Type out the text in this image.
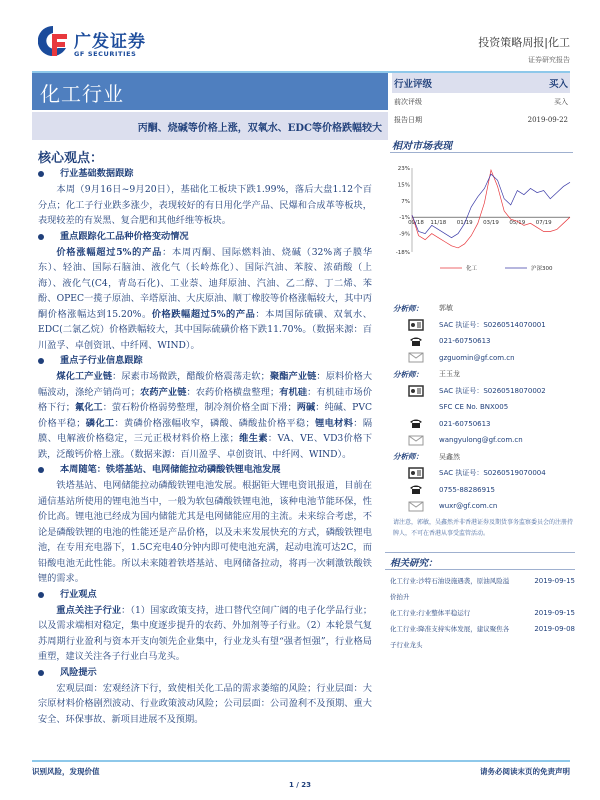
广发证券
GF SECURITIES
投资策略周报|化工
证券研究报告
化工行业
丙酮、烧碱等价格上涨，双氧水、EDC等价格跌幅较大
行业评级	买入
前次评级	买入
报告日期	2019-09-22
核心观点：
行业基础数据跟踪
本周（9月16日~9月20日），基础化工板块下跌1.99%，落后大盘1.12个百分点；化工子行业跌多涨少，表现较好的有日用化学产品、民爆和合成革等板块，表现较差的有炭黑、复合肥和其他纤维等板块。
重点跟踪化工品种价格变动情况
价格涨幅超过5%的产品：本周丙酮、国际燃料油、烧碱（32%离子膜华东）、轻油、国际石脑油、液化气（长岭炼化）、国际汽油、苯胺、浓硝酸（上海）、液化气(C4，青岛石化)、工业萘、迪拜原油、汽油、乙二醇、丁二烯、苯酚、OPEC一揽子原油、辛塔原油、大庆原油、顺丁橡胶等价格涨幅较大，其中丙酮价格涨幅达到15.20%。价格跌幅超过5%的产品：本周国际硫磺、双氧水、EDC(二氯乙烷）价格跌幅较大，其中国际硫磺价格下跌11.70%。（数据来源：百川盈孚、卓创资讯、中纤网、WIND）。
重点子行业信息跟踪
煤化工产业链：尿素市场微跌，醋酸价格震荡走软；聚酯产业链：原料价格大幅波动，涤纶产销尚可；农药产业链：农药价格横盘整理；有机硅：有机硅市场价格下行；氟化工：萤石粉价格弱势整理，制冷剂价格全面下滑；两碱：纯碱、PVC价格平稳；磷化工：黄磷价格涨幅收窄，磷酸、磷酸盐价格平稳；锂电材料：隔膜、电解液价格稳定，三元正极材料价格上涨；维生素：VA、VE、VD3价格下跌，泛酸钙价格上涨。（数据来源：百川盈孚、卓创资讯、中纤网、WIND）。
本周随笔：铁塔基站、电网储能拉动磷酸铁锂电池发展
铁塔基站、电网储能拉动磷酸铁锂电池发展。根据钜大锂电资讯报道，目前在通信基站所使用的锂电池当中，一般为软包磷酸铁锂电池，该种电池节能环保，性价比高。锂电池已经成为国内储能尤其是电网储能应用的主流。未来综合考虑，不论是磷酸铁锂的电池的性能还是产品价格，以及未来发展快充的方式，磷酸铁锂电池，在专用充电器下，1.5C充电40分钟内即可使电池充满，起动电流可达2C，而铅酸电池无此性能。所以未来随着铁塔基站、电网储备拉动，将再一次刺激铁酸铁锂的需求。
行业观点
重点关注子行业：（1）国家政策支持，进口替代空间广阔的电子化学品行业；以及需求端相对稳定，集中度逐步提升的农药、外加剂等子行业。（2）本轮景气复苏周期行业盈利与资本开支向领先企业集中，行业龙头有望“强者恒强”，行业格局重塑，建议关注各子行业白马龙头。
风险提示
宏观层面：宏观经济下行，致使相关化工品的需求萎缩的风险；行业层面：大宗原材料价格剧烈波动、行业政策波动风险；公司层面：公司盈利不及预期、重大安全、环保事故、新项目进展不及预期。
相对市场表现
23%
15%
7%
-1%
-9%
-18%
09/18 11/18 01/19 03/19 05/19 07/19
化工	沪深300
分析师：	郭敏
SAC 执证号：S0260514070001
021-60750613
gzguomin@gf.com.cn
分析师：	王玉龙
SAC 执证号：S0260518070002
SFC CE No. BNX005
021-60750613
wangyulong@gf.com.cn
分析师：	吴鑫然
SAC 执证号：S0260519070004
0755-88286915
wuxr@gf.com.cn
请注意，郭敏，吴鑫然并非香港证券及期货事务监察委员会的注册持牌人，不可在香港从事受监管活动。
相关研究：
化工行业:沙特石油设施遇袭，原油风险溢价抬升
2019-09-15
化工行业:行业整体平稳运行	2019-09-15
化工行业:降准支持实体发展，建议聚焦各子行业龙头
2019-09-08
识别风险，发现价值	请务必阅读末页的免责声明
1 / 23
